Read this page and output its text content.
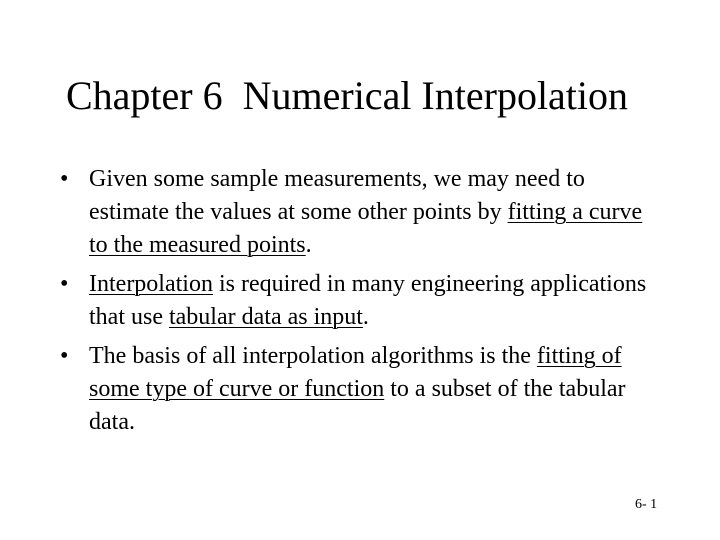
Chapter 6  Numerical Interpolation
• Given some sample measurements, we may need to estimate the values at some other points by fitting a curve to the measured points.
• Interpolation is required in many engineering applications that use tabular data as input.
• The basis of all interpolation algorithms is the fitting of some type of curve or function to a subset of the tabular data.
6- 1
